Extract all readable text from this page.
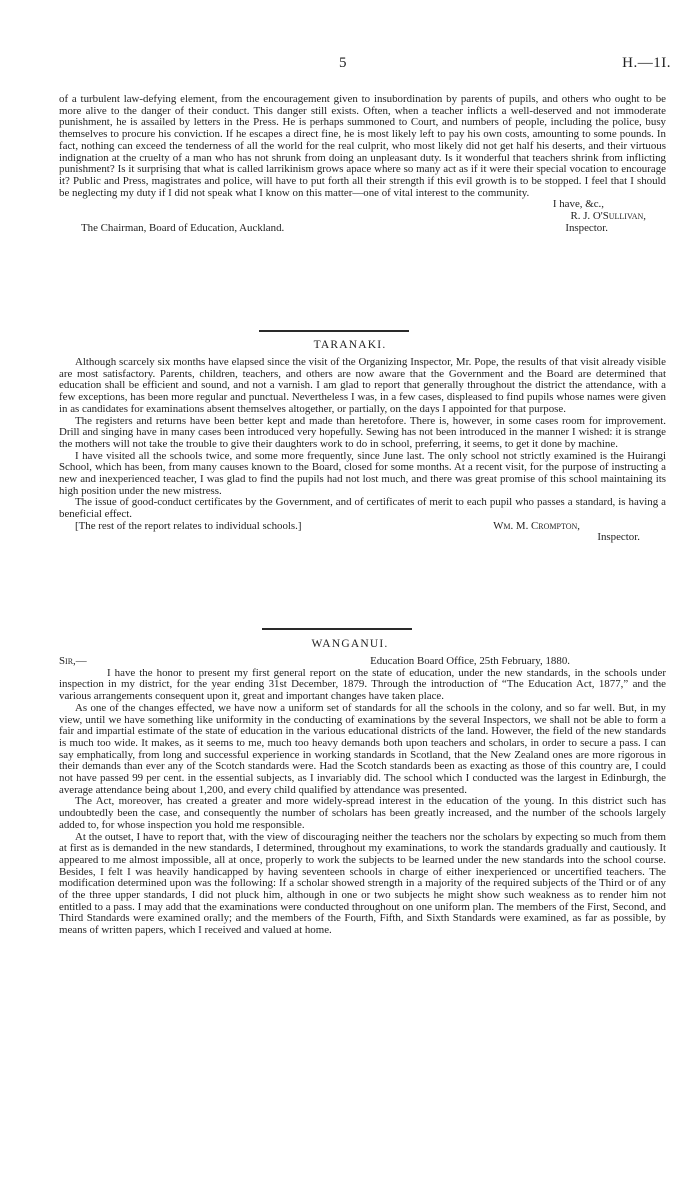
5	H.—1I.

of a turbulent law-defying element, from the encouragement given to insubordination by parents of pupils, and others who ought to be more alive to the danger of their conduct. This danger still exists. Often, when a teacher inflicts a well-deserved and not immoderate punishment, he is assailed by letters in the Press. He is perhaps summoned to Court, and numbers of people, including the police, busy themselves to procure his conviction. If he escapes a direct fine, he is most likely left to pay his own costs, amounting to some pounds. In fact, nothing can exceed the tenderness of all the world for the real culprit, who most likely did not get half his deserts, and their virtuous indignation at the cruelty of a man who has not shrunk from doing an unpleasant duty. Is it wonderful that teachers shrink from inflicting punishment? Is it surprising that what is called larrikinism grows apace where so many act as if it were their special vocation to encourage it? Public and Press, magistrates and police, will have to put forth all their strength if this evil growth is to be stopped. I feel that I should be neglecting my duty if I did not speak what I know on this matter—one of vital interest to the community.

I have, &c.,
R. J. O'Sullivan,
The Chairman, Board of Education, Auckland.	Inspector.
TARANAKI.

Although scarcely six months have elapsed since the visit of the Organizing Inspector, Mr. Pope, the results of that visit already visible are most satisfactory. Parents, children, teachers, and others are now aware that the Government and the Board are determined that education shall be efficient and sound, and not a varnish. I am glad to report that generally throughout the district the attendance, with a few exceptions, has been more regular and punctual. Nevertheless I was, in a few cases, displeased to find pupils whose names were given in as candidates for examinations absent themselves altogether, or partially, on the days I appointed for that purpose.

The registers and returns have been better kept and made than heretofore. There is, however, in some cases room for improvement. Drill and singing have in many cases been introduced very hopefully. Sewing has not been introduced in the manner I wished: it is strange the mothers will not take the trouble to give their daughters work to do in school, preferring, it seems, to get it done by machine.

I have visited all the schools twice, and some more frequently, since June last. The only school not strictly examined is the Huirangi School, which has been, from many causes known to the Board, closed for some months. At a recent visit, for the purpose of instructing a new and inexperienced teacher, I was glad to find the pupils had not lost much, and there was great promise of this school maintaining its high position under the new mistress.

The issue of good-conduct certificates by the Government, and of certificates of merit to each pupil who passes a standard, is having a beneficial effect.

[The rest of the report relates to individual schools.]	Wm. M. Crompton,
Inspector.
WANGANUI.
Sir,—	Education Board Office, 25th February, 1880.

I have the honor to present my first general report on the state of education, under the new standards, in the schools under inspection in my district, for the year ending 31st December, 1879. Through the introduction of “The Education Act, 1877,” and the various arrangements consequent upon it, great and important changes have taken place.

As one of the changes effected, we have now a uniform set of standards for all the schools in the colony, and so far well. But, in my view, until we have something like uniformity in the conducting of examinations by the several Inspectors, we shall not be able to form a fair and impartial estimate of the state of education in the various educational districts of the land. However, the field of the new standards is much too wide. It makes, as it seems to me, much too heavy demands both upon teachers and scholars, in order to secure a pass. I can say emphatically, from long and successful experience in working standards in Scotland, that the New Zealand ones are more rigorous in their demands than ever any of the Scotch standards were. Had the Scotch standards been as exacting as those of this country are, I could not have passed 99 per cent. in the essential subjects, as I invariably did. The school which I conducted was the largest in Edinburgh, the average attendance being about 1,200, and every child qualified by attendance was presented.

The Act, moreover, has created a greater and more widely-spread interest in the education of the young. In this district such has undoubtedly been the case, and consequently the number of scholars has been greatly increased, and the number of the schools largely added to, for whose inspection you hold me responsible.

At the outset, I have to report that, with the view of discouraging neither the teachers nor the scholars by expecting so much from them at first as is demanded in the new standards, I determined, throughout my examinations, to work the standards gradually and cautiously. It appeared to me almost impossible, all at once, properly to work the subjects to be learned under the new standards into the school course. Besides, I felt I was heavily handicapped by having seventeen schools in charge of either inexperienced or uncertified teachers. The modification determined upon was the following: If a scholar showed strength in a majority of the required subjects of the Third or of any of the three upper standards, I did not pluck him, although in one or two subjects he might show such weakness as to render him not entitled to a pass. I may add that the examinations were conducted throughout on one uniform plan. The members of the First, Second, and Third Standards were examined orally; and the members of the Fourth, Fifth, and Sixth Standards were examined, as far as possible, by means of written papers, which I received and valued at home.
